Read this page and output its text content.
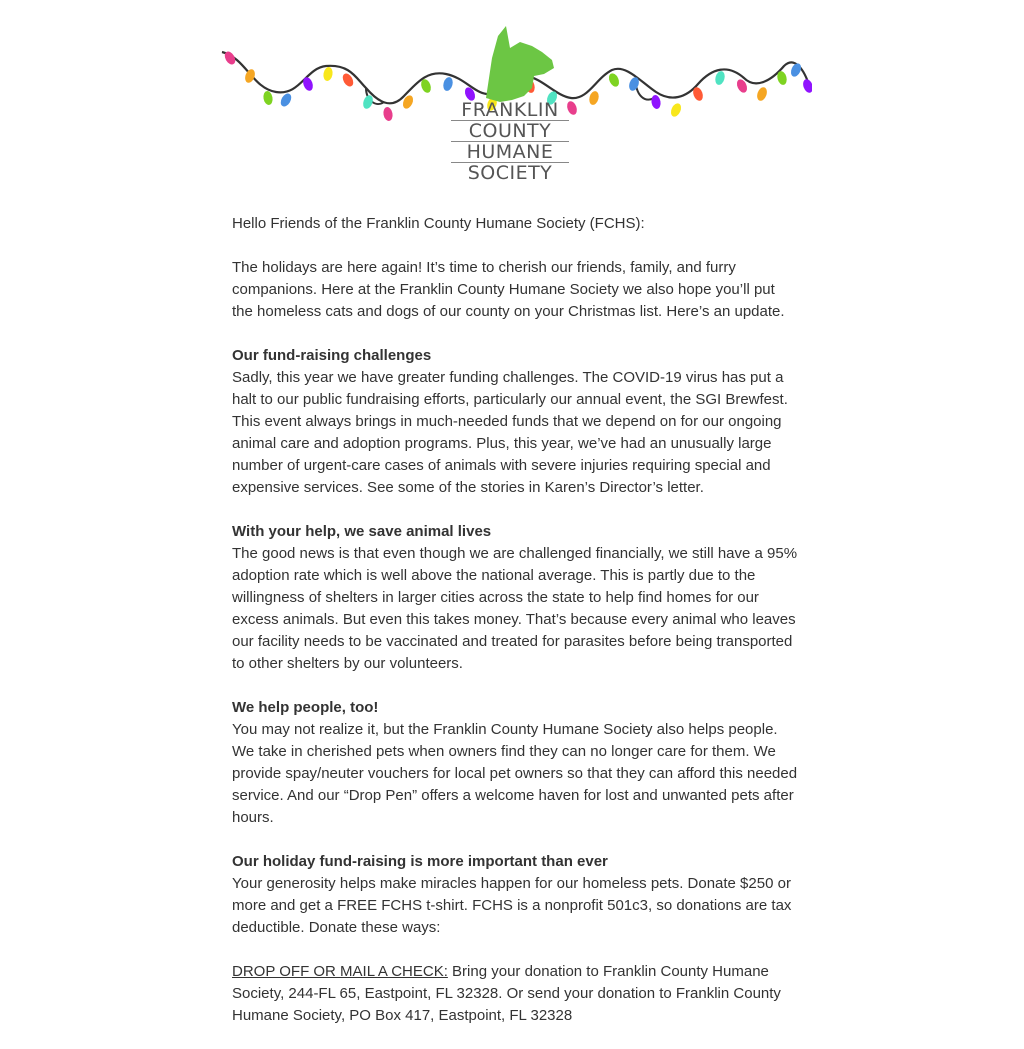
FRANKLIN
COUNTY
HUMANE
SOCIETY

Hello Friends of the Franklin County Humane Society (FCHS):

The holidays are here again! It’s time to cherish our friends, family, and furry companions. Here at the Franklin County Humane Society we also hope you’ll put the homeless cats and dogs of our county on your Christmas list. Here’s an update.

Our fund-raising challenges

Sadly, this year we have greater funding challenges. The COVID-19 virus has put a halt to our public fundraising efforts, particularly our annual event, the SGI Brewfest. This event always brings in much-needed funds that we depend on for our ongoing animal care and adoption programs. Plus, this year, we’ve had an unusually large number of urgent-care cases of animals with severe injuries requiring special and expensive services. See some of the stories in Karen’s Director’s letter.

With your help, we save animal lives

The good news is that even though we are challenged financially, we still have a 95% adoption rate which is well above the national average. This is partly due to the willingness of shelters in larger cities across the state to help find homes for our excess animals. But even this takes money. That’s because every animal who leaves our facility needs to be vaccinated and treated for parasites before being transported to other shelters by our volunteers.

We help people, too!

You may not realize it, but the Franklin County Humane Society also helps people. We take in cherished pets when owners find they can no longer care for them. We provide spay/neuter vouchers for local pet owners so that they can afford this needed service. And our “Drop Pen” offers a welcome haven for lost and unwanted pets after hours.

Our holiday fund-raising is more important than ever

Your generosity helps make miracles happen for our homeless pets. Donate $250 or more and get a FREE FCHS t-shirt. FCHS is a nonprofit 501c3, so donations are tax deductible. Donate these ways:

DROP OFF OR MAIL A CHECK: Bring your donation to Franklin County Humane Society, 244-FL 65, Eastpoint, FL 32328. Or send your donation to Franklin County Humane Society, PO Box 417, Eastpoint, FL 32328
